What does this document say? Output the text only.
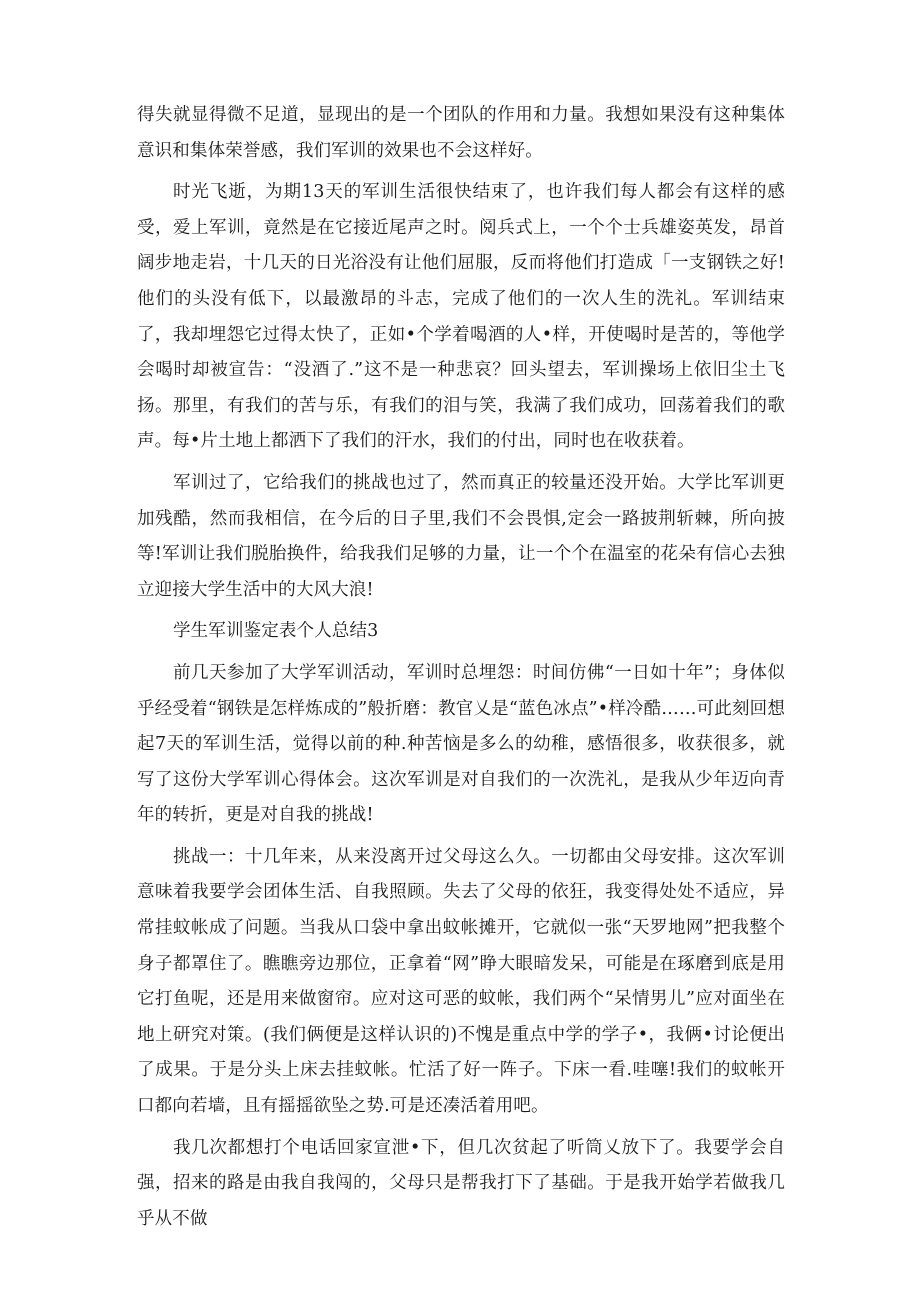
得失就显得微不足道，显现出的是一个团队的作用和力量。我想如果没有这种集体意识和集体荣誉感，我们军训的效果也不会这样好。

时光飞逝，为期13天的军训生活很快结束了，也许我们每人都会有这样的感受，爱上军训，竟然是在它接近尾声之时。阅兵式上，一个个士兵雄姿英发，昂首阔步地走岩，十几天的日光浴没有让他们屈服，反而将他们打造成「一支钢铁之好!他们的头没有低下，以最激昂的斗志，完成了他们的一次人生的洗礼。军训结束了，我却埋怨它过得太快了，正如•个学着喝酒的人•样，开使喝时是苦的，等他学会喝时却被宣告：“没酒了.”这不是一种悲哀？回头望去，军训操场上依旧尘土飞扬。那里，有我们的苦与乐，有我们的泪与笑，我满了我们成功，回荡着我们的歌声。每•片土地上都洒下了我们的汗水，我们的付出，同时也在收获着。

军训过了，它给我们的挑战也过了，然而真正的较量还没开始。大学比军训更加残酷，然而我相信，在今后的日子里,我们不会畏惧,定会一路披荆斩棘，所向披等!军训让我们脱胎换件，给我我们足够的力量，让一个个在温室的花朵有信心去独立迎接大学生活中的大风大浪!

学生军训鉴定表个人总结3

前几天参加了大学军训活动，军训时总埋怨：时间仿佛“一日如十年”；身体似乎经受着“钢铁是怎样炼成的”般折磨：教官乂是“蓝色冰点”•样冷酷……可此刻回想起7天的军训生活，觉得以前的种.种苦恼是多么的幼稚，感悟很多，收获很多，就写了这份大学军训心得体会。这次军训是对自我们的一次洗礼，是我从少年迈向青年的转折，更是对自我的挑战!

挑战一：十几年来，从来没离开过父母这么久。一切都由父母安排。这次军训意味着我要学会团体生活、自我照顾。失去了父母的依狂，我变得处处不适应，异常挂蚊帐成了问题。当我从口袋中拿出蚊帐摊开，它就似一张“天罗地网”把我整个身子都罩住了。瞧瞧旁边那位，正拿着“网”睁大眼暗发呆，可能是在琢磨到底是用它打鱼呢，还是用来做窗帘。应对这可恶的蚊帐，我们两个“呆情男儿”应对面坐在地上研究对策。(我们俩便是这样认识的)不愧是重点中学的学子•，我俩•讨论便出了成果。于是分头上床去挂蚊帐。忙活了好一阵子。下床一看.哇噻!我们的蚊帐开口都向若墙，且有摇摇欲坠之势.可是还凑活着用吧。

我几次都想打个电话回家宣泄•下，但几次贫起了听筒乂放下了。我要学会自强，招来的路是由我自我闯的，父母只是帮我打下了基础。于是我开始学若做我几乎从不做
